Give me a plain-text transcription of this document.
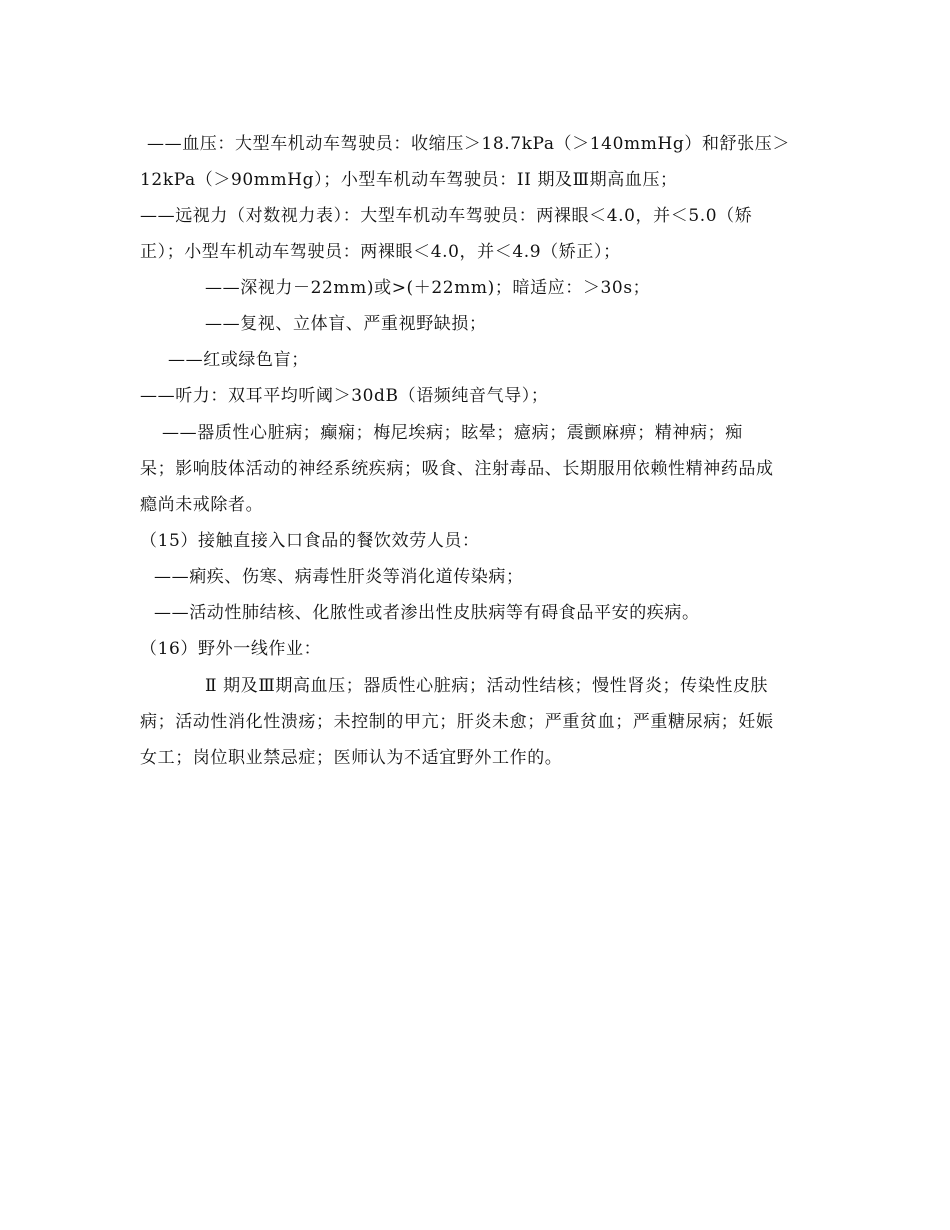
——血压：大型车机动车驾驶员：收缩压＞18.7kPa（＞140mmHg）和舒张压＞
12kPa（＞90mmHg）；小型车机动车驾驶员：II 期及Ⅲ期高血压；
——远视力（对数视力表）：大型车机动车驾驶员：两裸眼＜4.0，并＜5.0（矫
正）；小型车机动车驾驶员：两裸眼＜4.0，并＜4.9（矫正）；
——深视力－22mm)或>(＋22mm)；暗适应：＞30s；
——复视、立体盲、严重视野缺损；
——红或绿色盲；
——听力：双耳平均听阈＞30dB（语频纯音气导）；
——器质性心脏病；癫痫；梅尼埃病；眩晕；癔病；震颤麻痹；精神病；痴
呆；影响肢体活动的神经系统疾病；吸食、注射毒品、长期服用依赖性精神药品成
瘾尚未戒除者。
（15）接触直接入口食品的餐饮效劳人员：
——痢疾、伤寒、病毒性肝炎等消化道传染病；
——活动性肺结核、化脓性或者渗出性皮肤病等有碍食品平安的疾病。
（16）野外一线作业：
Ⅱ 期及Ⅲ期高血压；器质性心脏病；活动性结核；慢性肾炎；传染性皮肤
病；活动性消化性溃疡；未控制的甲亢；肝炎未愈；严重贫血；严重糖尿病；妊娠
女工；岗位职业禁忌症；医师认为不适宜野外工作的。
